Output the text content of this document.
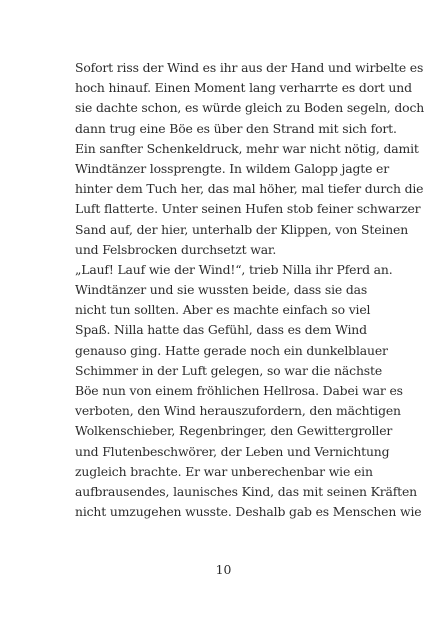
Sofort riss der Wind es ihr aus der Hand und wirbelte es
hoch hinauf. Einen Moment lang verharrte es dort und
sie dachte schon, es würde gleich zu Boden segeln, doch
dann trug eine Böe es über den Strand mit sich fort.
Ein sanfter Schenkeldruck, mehr war nicht nötig, damit
Windtänzer lossprengte. In wildem Galopp jagte er
hinter dem Tuch her, das mal höher, mal tiefer durch die
Luft flatterte. Unter seinen Hufen stob feiner schwarzer
Sand auf, der hier, unterhalb der Klippen, von Steinen
und Felsbrocken durchsetzt war.
„Lauf! Lauf wie der Wind!“, trieb Nilla ihr Pferd an.
Windtänzer und sie wussten beide, dass sie das
nicht tun sollten. Aber es machte einfach so viel
Spaß. Nilla hatte das Gefühl, dass es dem Wind
genauso ging. Hatte gerade noch ein dunkelblauer
Schimmer in der Luft gelegen, so war die nächste
Böe nun von einem fröhlichen Hellrosa. Dabei war es
verboten, den Wind herauszufordern, den mächtigen
Wolkenschieber, Regenbringer, den Gewittergroller
und Flutenbeschwörer, der Leben und Vernichtung
zugleich brachte. Er war unberechenbar wie ein
aufbrausendes, launisches Kind, das mit seinen Kräften
nicht umzugehen wusste. Deshalb gab es Menschen wie
10
